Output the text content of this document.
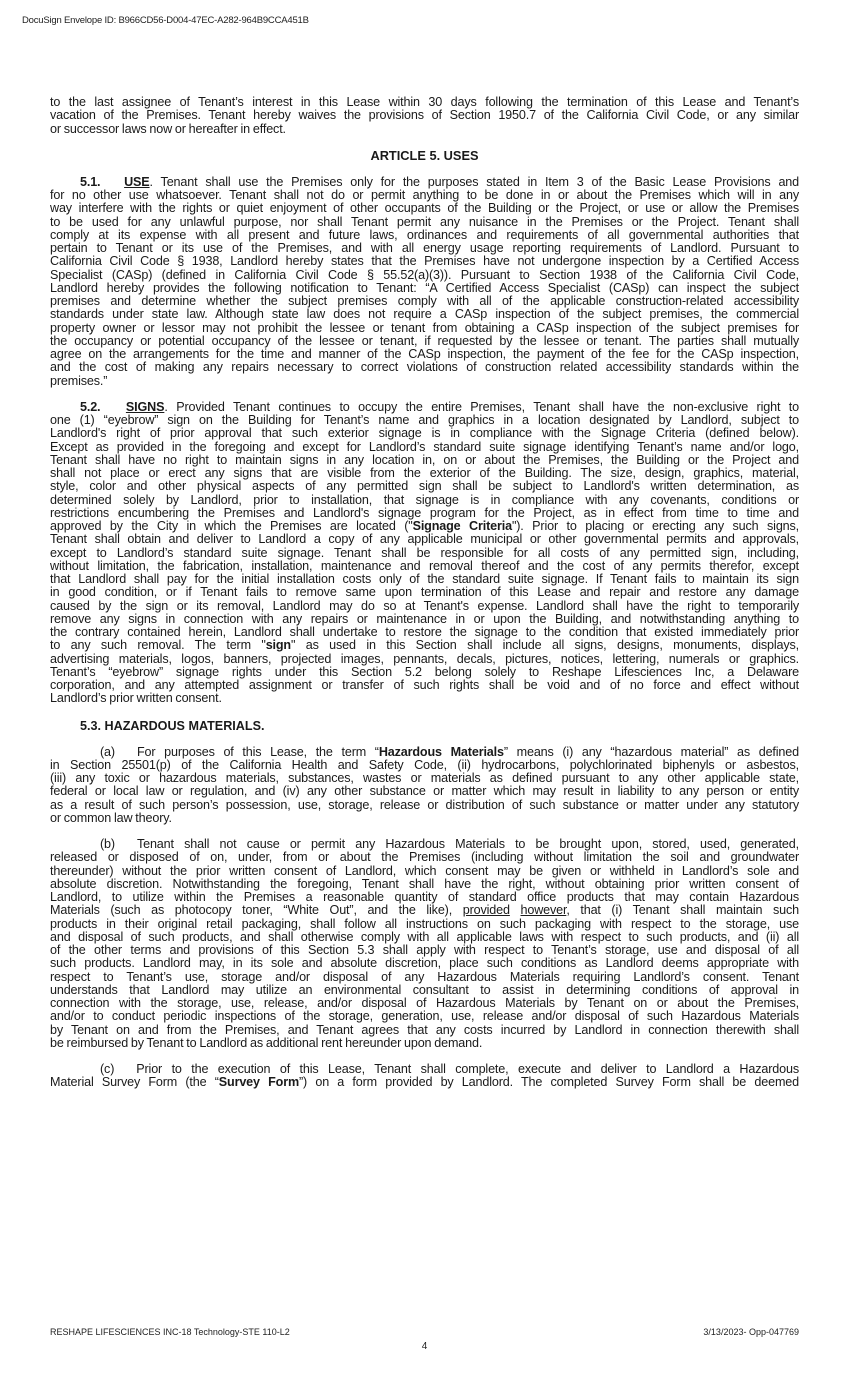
DocuSign Envelope ID: B966CD56-D004-47EC-A282-964B9CCA451B
to the last assignee of Tenant’s interest in this Lease within 30 days following the termination of this Lease and Tenant’s
vacation of the Premises. Tenant hereby waives the provisions of Section 1950.7 of the California Civil Code, or any similar
or successor laws now or hereafter in effect.
ARTICLE 5. USES
5.1. USE. Tenant shall use the Premises only for the purposes stated in Item 3 of the Basic Lease Provisions and
for no other use whatsoever. Tenant shall not do or permit anything to be done in or about the Premises which will in any
way interfere with the rights or quiet enjoyment of other occupants of the Building or the Project, or use or allow the Premises
to be used for any unlawful purpose, nor shall Tenant permit any nuisance in the Premises or the Project. Tenant shall
comply at its expense with all present and future laws, ordinances and requirements of all governmental authorities that
pertain to Tenant or its use of the Premises, and with all energy usage reporting requirements of Landlord. Pursuant to
California Civil Code § 1938, Landlord hereby states that the Premises have not undergone inspection by a Certified Access
Specialist (CASp) (defined in California Civil Code § 55.52(a)(3)). Pursuant to Section 1938 of the California Civil Code,
Landlord hereby provides the following notification to Tenant: “A Certified Access Specialist (CASp) can inspect the subject
premises and determine whether the subject premises comply with all of the applicable construction-related accessibility
standards under state law. Although state law does not require a CASp inspection of the subject premises, the commercial
property owner or lessor may not prohibit the lessee or tenant from obtaining a CASp inspection of the subject premises for
the occupancy or potential occupancy of the lessee or tenant, if requested by the lessee or tenant. The parties shall mutually
agree on the arrangements for the time and manner of the CASp inspection, the payment of the fee for the CASp inspection,
and the cost of making any repairs necessary to correct violations of construction related accessibility standards within the
premises.”
5.2. SIGNS. Provided Tenant continues to occupy the entire Premises, Tenant shall have the non-exclusive right to
one (1) “eyebrow” sign on the Building for Tenant’s name and graphics in a location designated by Landlord, subject to
Landlord's right of prior approval that such exterior signage is in compliance with the Signage Criteria (defined below).
Except as provided in the foregoing and except for Landlord’s standard suite signage identifying Tenant’s name and/or logo,
Tenant shall have no right to maintain signs in any location in, on or about the Premises, the Building or the Project and
shall not place or erect any signs that are visible from the exterior of the Building. The size, design, graphics, material,
style, color and other physical aspects of any permitted sign shall be subject to Landlord's written determination, as
determined solely by Landlord, prior to installation, that signage is in compliance with any covenants, conditions or
restrictions encumbering the Premises and Landlord's signage program for the Project, as in effect from time to time and
approved by the City in which the Premises are located ("Signage Criteria"). Prior to placing or erecting any such signs,
Tenant shall obtain and deliver to Landlord a copy of any applicable municipal or other governmental permits and approvals,
except to Landlord’s standard suite signage. Tenant shall be responsible for all costs of any permitted sign, including,
without limitation, the fabrication, installation, maintenance and removal thereof and the cost of any permits therefor, except
that Landlord shall pay for the initial installation costs only of the standard suite signage. If Tenant fails to maintain its sign
in good condition, or if Tenant fails to remove same upon termination of this Lease and repair and restore any damage
caused by the sign or its removal, Landlord may do so at Tenant's expense. Landlord shall have the right to temporarily
remove any signs in connection with any repairs or maintenance in or upon the Building, and notwithstanding anything to
the contrary contained herein, Landlord shall undertake to restore the signage to the condition that existed immediately prior
to any such removal. The term "sign" as used in this Section shall include all signs, designs, monuments, displays,
advertising materials, logos, banners, projected images, pennants, decals, pictures, notices, lettering, numerals or graphics.
Tenant’s “eyebrow” signage rights under this Section 5.2 belong solely to Reshape Lifesciences Inc, a Delaware
corporation, and any attempted assignment or transfer of such rights shall be void and of no force and effect without
Landlord’s prior written consent.
5.3. HAZARDOUS MATERIALS.
(a) For purposes of this Lease, the term “Hazardous Materials” means (i) any “hazardous material” as defined
in Section 25501(p) of the California Health and Safety Code, (ii) hydrocarbons, polychlorinated biphenyls or asbestos,
(iii) any toxic or hazardous materials, substances, wastes or materials as defined pursuant to any other applicable state,
federal or local law or regulation, and (iv) any other substance or matter which may result in liability to any person or entity
as a result of such person’s possession, use, storage, release or distribution of such substance or matter under any statutory
or common law theory.
(b) Tenant shall not cause or permit any Hazardous Materials to be brought upon, stored, used, generated,
released or disposed of on, under, from or about the Premises (including without limitation the soil and groundwater
thereunder) without the prior written consent of Landlord, which consent may be given or withheld in Landlord’s sole and
absolute discretion. Notwithstanding the foregoing, Tenant shall have the right, without obtaining prior written consent of
Landlord, to utilize within the Premises a reasonable quantity of standard office products that may contain Hazardous
Materials (such as photocopy toner, “White Out”, and the like), provided however, that (i) Tenant shall maintain such
products in their original retail packaging, shall follow all instructions on such packaging with respect to the storage, use
and disposal of such products, and shall otherwise comply with all applicable laws with respect to such products, and (ii) all
of the other terms and provisions of this Section 5.3 shall apply with respect to Tenant’s storage, use and disposal of all
such products. Landlord may, in its sole and absolute discretion, place such conditions as Landlord deems appropriate with
respect to Tenant’s use, storage and/or disposal of any Hazardous Materials requiring Landlord’s consent. Tenant
understands that Landlord may utilize an environmental consultant to assist in determining conditions of approval in
connection with the storage, use, release, and/or disposal of Hazardous Materials by Tenant on or about the Premises,
and/or to conduct periodic inspections of the storage, generation, use, release and/or disposal of such Hazardous Materials
by Tenant on and from the Premises, and Tenant agrees that any costs incurred by Landlord in connection therewith shall
be reimbursed by Tenant to Landlord as additional rent hereunder upon demand.
(c) Prior to the execution of this Lease, Tenant shall complete, execute and deliver to Landlord a Hazardous
Material Survey Form (the “Survey Form”) on a form provided by Landlord. The completed Survey Form shall be deemed
RESHAPE LIFESCIENCES INC-18 Technology-STE 110-L2	3/13/2023- Opp-047769
4
